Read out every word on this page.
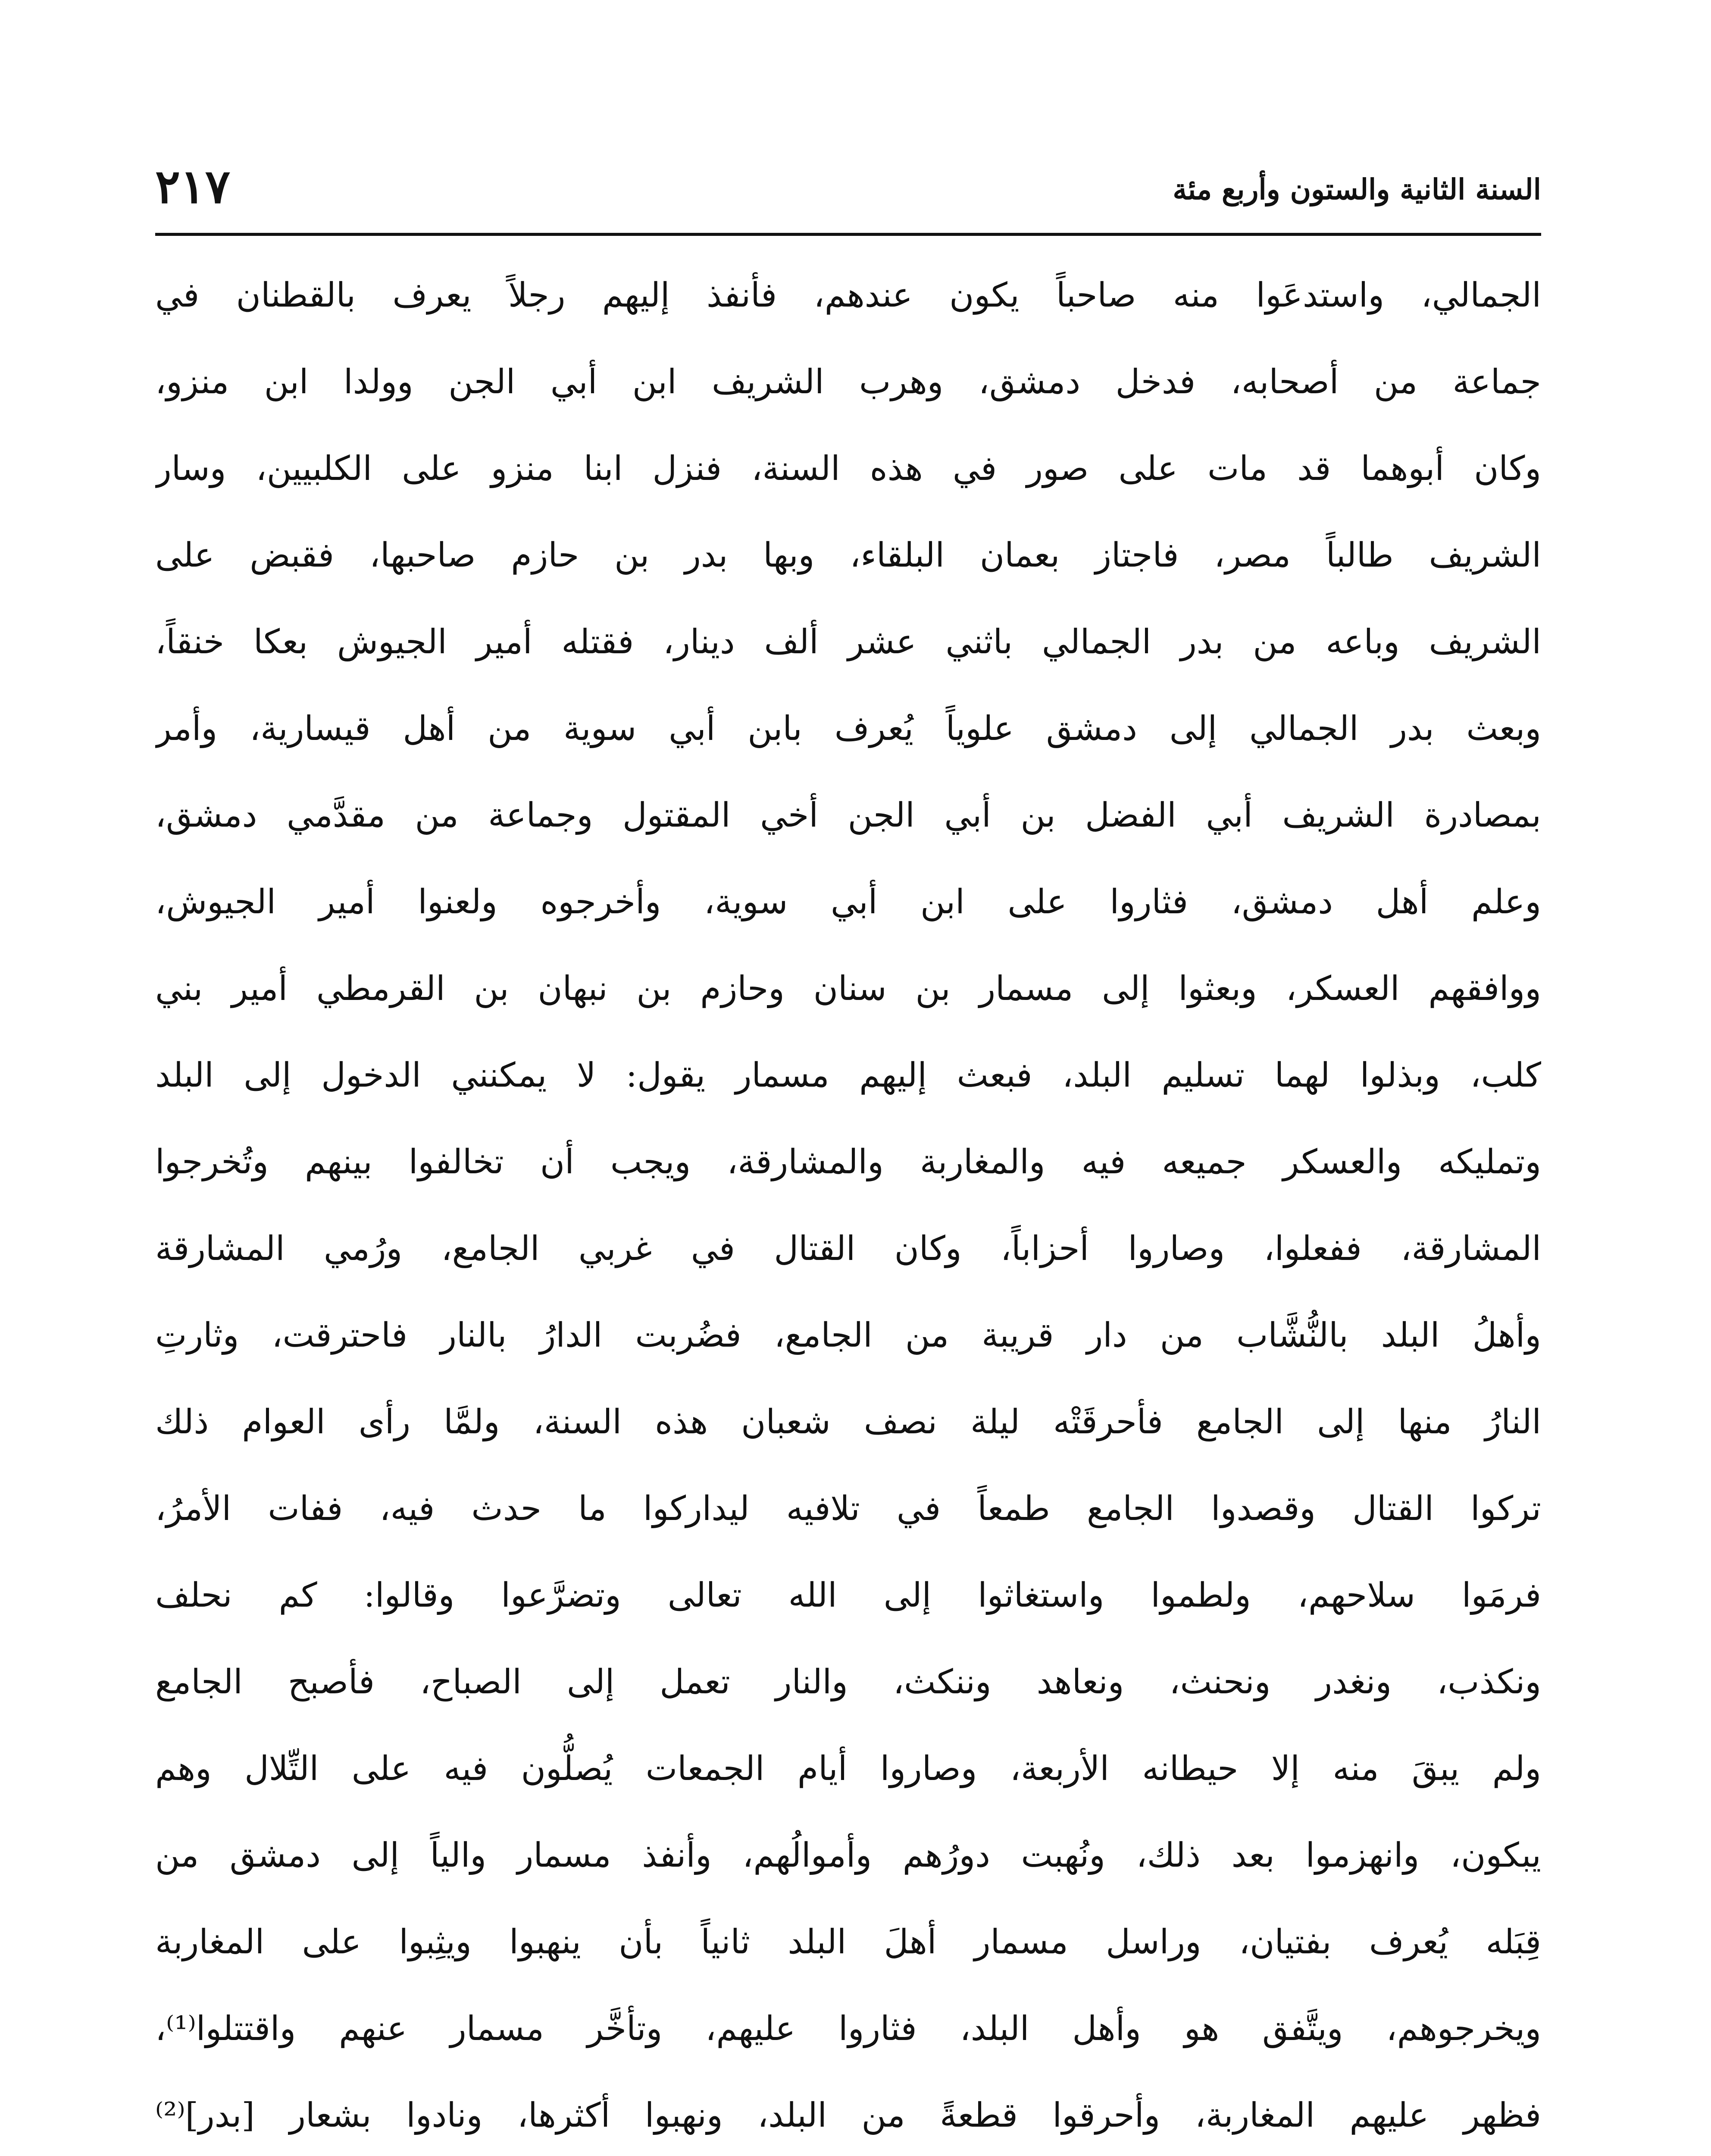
السنة الثانية والستون وأربع مئة
٢١٧
الجمالي، واستدعَوا منه صاحباً يكون عندهم، فأنفذ إليهم رجلاً يعرف بالقطنان في
جماعة من أصحابه، فدخل دمشق، وهرب الشريف ابن أبي الجن وولدا ابن منزو،
وكان أبوهما قد مات على صور في هذه السنة، فنزل ابنا منزو على الكلبيين، وسار
الشريف طالباً مصر، فاجتاز بعمان البلقاء، وبها بدر بن حازم صاحبها، فقبض على
الشريف وباعه من بدر الجمالي باثني عشر ألف دينار، فقتله أمير الجيوش بعكا خنقاً،
وبعث بدر الجمالي إلى دمشق علوياً يُعرف بابن أبي سوية من أهل قيسارية، وأمر
بمصادرة الشريف أبي الفضل بن أبي الجن أخي المقتول وجماعة من مقدَّمي دمشق،
وعلم أهل دمشق، فثاروا على ابن أبي سوية، وأخرجوه ولعنوا أمير الجيوش،
ووافقهم العسكر، وبعثوا إلى مسمار بن سنان وحازم بن نبهان بن القرمطي أمير بني
كلب، وبذلوا لهما تسليم البلد، فبعث إليهم مسمار يقول: لا يمكنني الدخول إلى البلد
وتمليكه والعسكر جميعه فيه والمغاربة والمشارقة، ويجب أن تخالفوا بينهم وتُخرجوا
المشارقة، ففعلوا، وصاروا أحزاباً، وكان القتال في غربي الجامع، ورُمي المشارقة
وأهلُ البلد بالنُّشَّاب من دار قريبة من الجامع، فضُربت الدارُ بالنار فاحترقت، وثارتِ
النارُ منها إلى الجامع فأحرقَتْه ليلة نصف شعبان هذه السنة، ولمَّا رأى العوام ذلك
تركوا القتال وقصدوا الجامع طمعاً في تلافيه ليداركوا ما حدث فيه، ففات الأمرُ،
فرمَوا سلاحهم، ولطموا واستغاثوا إلى الله تعالى وتضرَّعوا وقالوا: كم نحلف
ونكذب، ونغدر ونحنث، ونعاهد وننكث، والنار تعمل إلى الصباح، فأصبح الجامع
ولم يبقَ منه إلا حيطانه الأربعة، وصاروا أيام الجمعات يُصلُّون فيه على التِّلال وهم
يبكون، وانهزموا بعد ذلك، ونُهبت دورُهم وأموالُهم، وأنفذ مسمار والياً إلى دمشق من
قِبَله يُعرف بفتيان، وراسل مسمار أهلَ البلد ثانياً بأن ينهبوا ويثِبوا على المغاربة
ويخرجوهم، ويتَّفق هو وأهل البلد، فثاروا عليهم، وتأخَّر مسمار عنهم واقتتلوا⁽¹⁾،
فظهر عليهم المغاربة، وأحرقوا قطعةً من البلد، ونهبوا أكثرها، ونادوا بشعار [بدر]⁽²⁾
